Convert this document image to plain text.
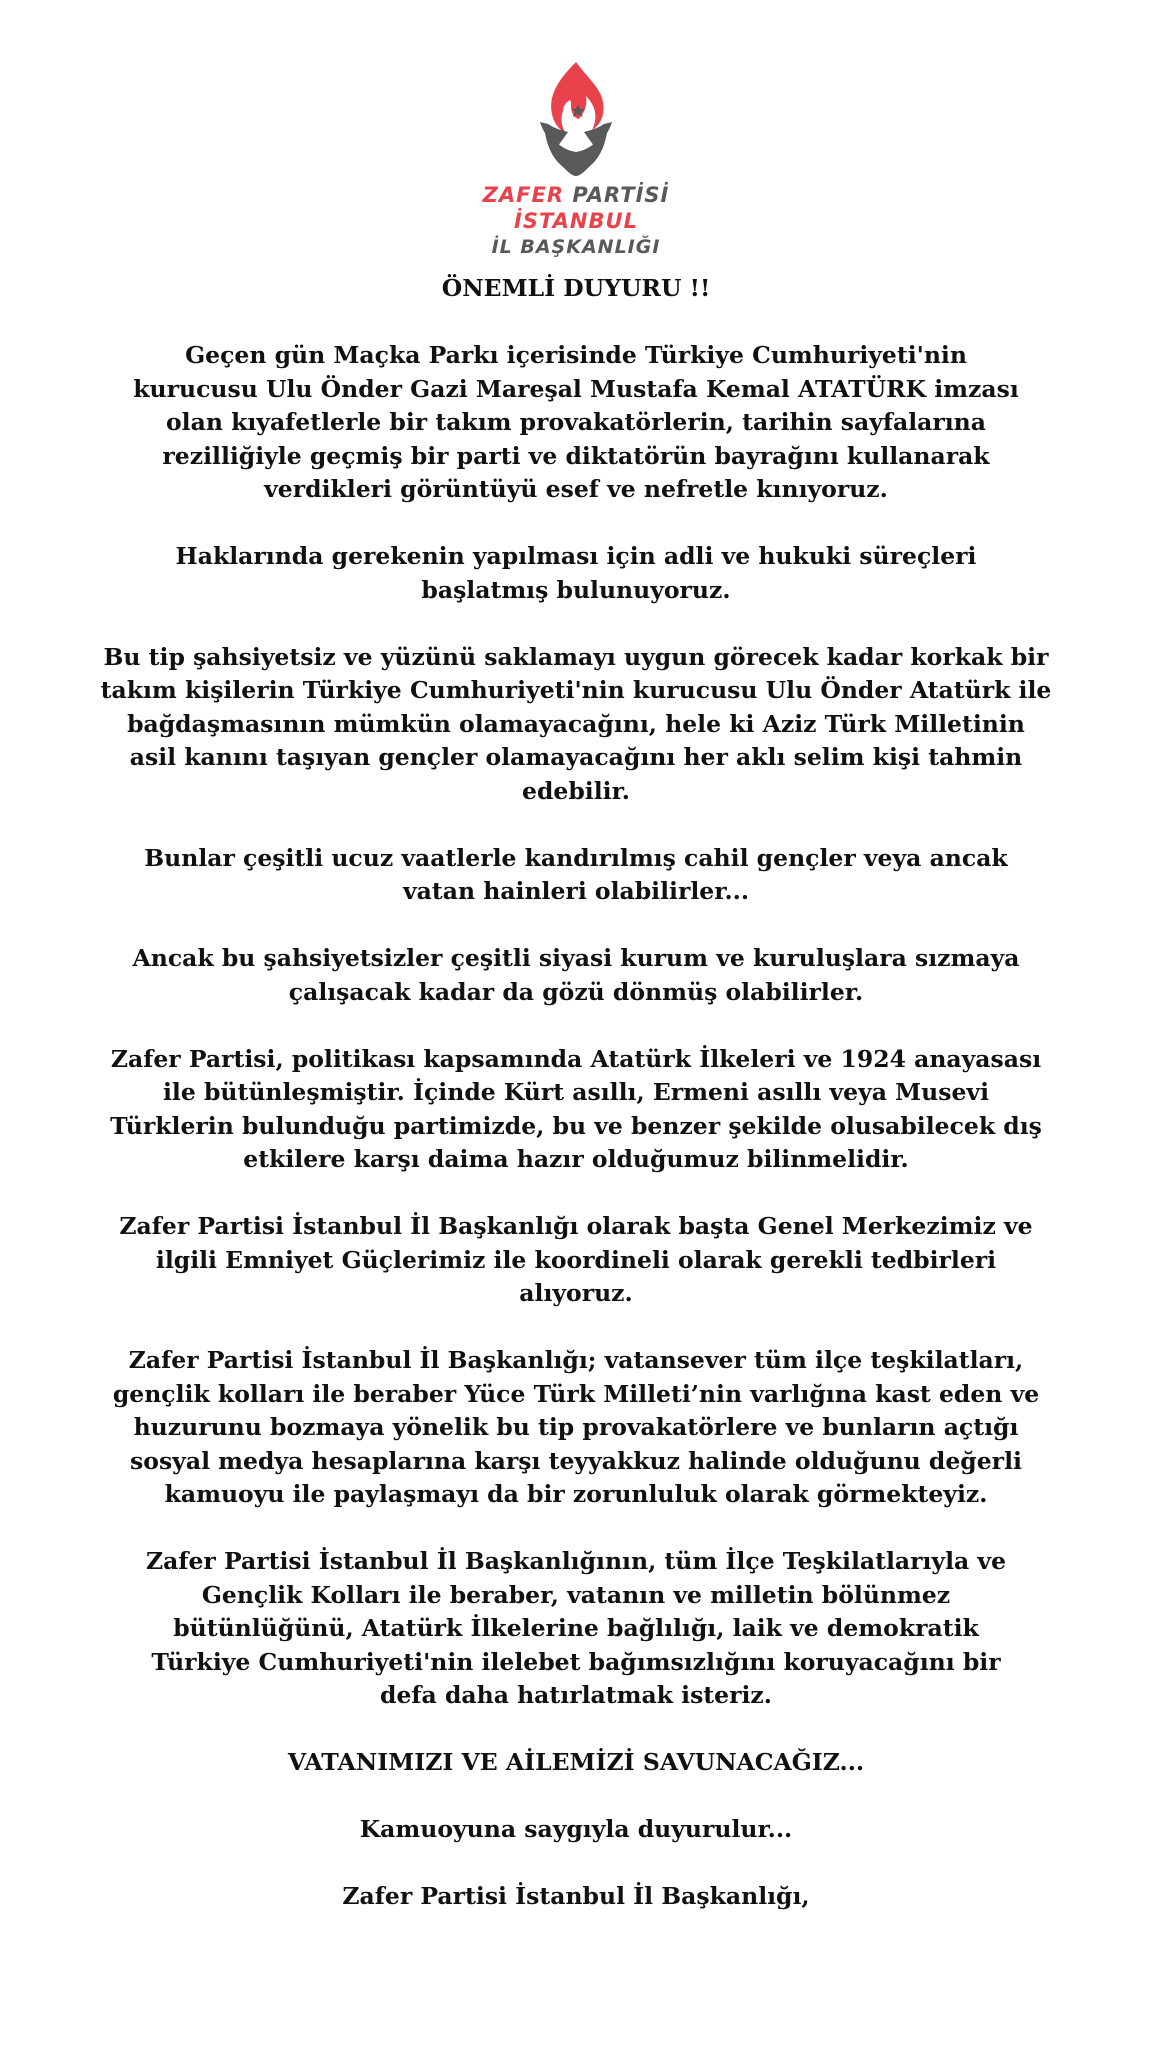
ZAFER PARTİSİ
İSTANBUL
İL BAŞKANLIĞI

ÖNEMLİ DUYURU !!

Geçen gün Maçka Parkı içerisinde Türkiye Cumhuriyeti'nin kurucusu Ulu Önder Gazi Mareşal Mustafa Kemal ATATÜRK imzası olan kıyafetlerle bir takım provakatörlerin, tarihin sayfalarına rezilliğiyle geçmiş bir parti ve diktatörün bayrağını kullanarak verdikleri görüntüyü esef ve nefretle kınıyoruz.

Haklarında gerekenin yapılması için adli ve hukuki süreçleri başlatmış bulunuyoruz.

Bu tip şahsiyetsiz ve yüzünü saklamayı uygun görecek kadar korkak bir takım kişilerin Türkiye Cumhuriyeti'nin kurucusu Ulu Önder Atatürk ile bağdaşmasının mümkün olamayacağını, hele ki Aziz Türk Milletinin asil kanını taşıyan gençler olamayacağını her aklı selim kişi tahmin edebilir.

Bunlar çeşitli ucuz vaatlerle kandırılmış cahil gençler veya ancak vatan hainleri olabilirler...

Ancak bu şahsiyetsizler çeşitli siyasi kurum ve kuruluşlara sızmaya çalışacak kadar da gözü dönmüş olabilirler.

Zafer Partisi, politikası kapsamında Atatürk İlkeleri ve 1924 anayasası ile bütünleşmiştir. İçinde Kürt asıllı, Ermeni asıllı veya Musevi Türklerin bulunduğu partimizde, bu ve benzer şekilde olusabilecek dış etkilere karşı daima hazır olduğumuz bilinmelidir.

Zafer Partisi İstanbul İl Başkanlığı olarak başta Genel Merkezimiz ve ilgili Emniyet Güçlerimiz ile koordineli olarak gerekli tedbirleri alıyoruz.

Zafer Partisi İstanbul İl Başkanlığı; vatansever tüm ilçe teşkilatları, gençlik kolları ile beraber Yüce Türk Milleti’nin varlığına kast eden ve huzurunu bozmaya yönelik bu tip provakatörlere ve bunların açtığı sosyal medya hesaplarına karşı teyyakkuz halinde olduğunu değerli kamuoyu ile paylaşmayı da bir zorunluluk olarak görmekteyiz.

Zafer Partisi İstanbul İl Başkanlığının, tüm İlçe Teşkilatlarıyla ve Gençlik Kolları ile beraber, vatanın ve milletin bölünmez bütünlüğünü, Atatürk İlkelerine bağlılığı, laik ve demokratik Türkiye Cumhuriyeti'nin ilelebet bağımsızlığını koruyacağını bir defa daha hatırlatmak isteriz.

VATANIMIZI VE AİLEMİZİ SAVUNACAĞIZ...

Kamuoyuna saygıyla duyurulur...

Zafer Partisi İstanbul İl Başkanlığı,
